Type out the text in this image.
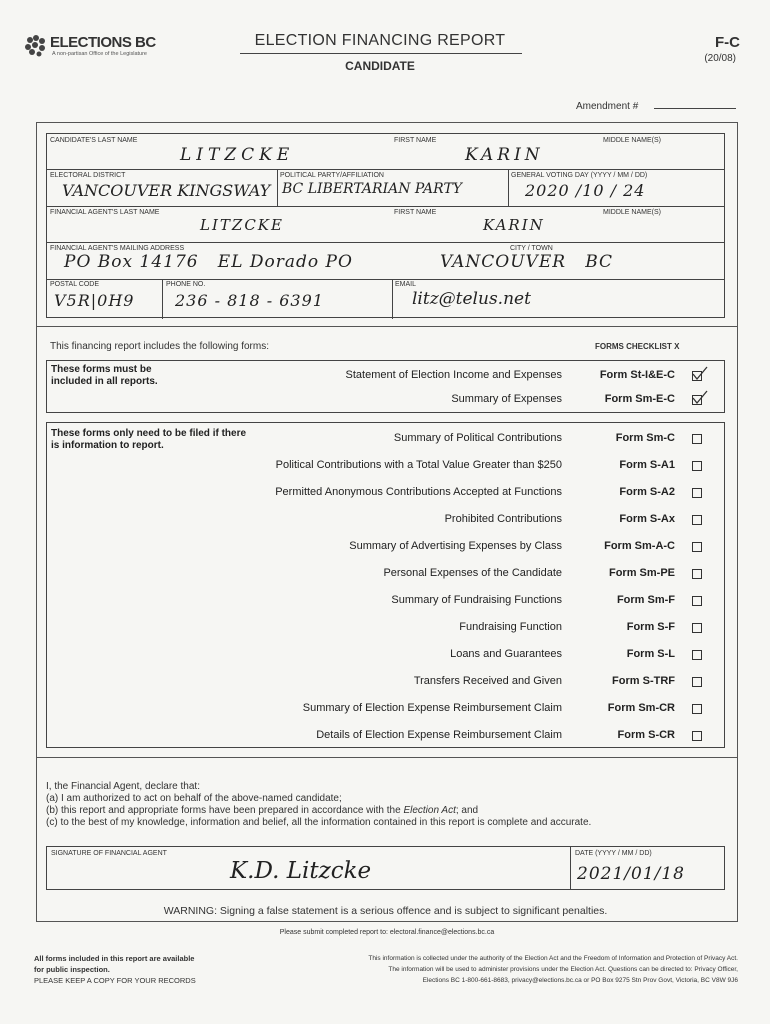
ELECTIONS BC
A non-partisan Office of the Legislature
ELECTION FINANCING REPORT
CANDIDATE
F-C
(20/08)
Amendment #
CANDIDATE'S LAST NAME
LITZCKE
FIRST NAME
KARIN
MIDDLE NAME(S)
ELECTORAL DISTRICT
VANCOUVER KINGSWAY
POLITICAL PARTY/AFFILIATION
BC LIBERTARIAN PARTY
GENERAL VOTING DAY (YYYY / MM / DD)
2020 /10 / 24
FINANCIAL AGENT'S LAST NAME
LITZCKE
FIRST NAME
KARIN
MIDDLE NAME(S)
FINANCIAL AGENT'S MAILING ADDRESS
PO Box 14176   EL Dorado PO
CITY / TOWN
VANCOUVER   BC
POSTAL CODE
V5R|0H9
PHONE NO.
236 - 818 - 6391
EMAIL
litz@telus.net
This financing report includes the following forms:	FORMS CHECKLIST X
These forms must be included in all reports.
Statement of Election Income and Expenses	Form St-I&E-C
Summary of Expenses	Form Sm-E-C
These forms only need to be filed if there is information to report.
Summary of Political Contributions	Form Sm-C
Political Contributions with a Total Value Greater than $250	Form S-A1
Permitted Anonymous Contributions Accepted at Functions	Form S-A2
Prohibited Contributions	Form S-Ax
Summary of Advertising Expenses by Class	Form Sm-A-C
Personal Expenses of the Candidate	Form Sm-PE
Summary of Fundraising Functions	Form Sm-F
Fundraising Function	Form S-F
Loans and Guarantees	Form S-L
Transfers Received and Given	Form S-TRF
Summary of Election Expense Reimbursement Claim	Form Sm-CR
Details of Election Expense Reimbursement Claim	Form S-CR
I, the Financial Agent, declare that:
(a) I am authorized to act on behalf of the above-named candidate;
(b) this report and appropriate forms have been prepared in accordance with the Election Act; and
(c) to the best of my knowledge, information and belief, all the information contained in this report is complete and accurate.
SIGNATURE OF FINANCIAL AGENT
K.D. Litzcke
DATE (YYYY / MM / DD)
2021/01/18
WARNING: Signing a false statement is a serious offence and is subject to significant penalties.
Please submit completed report to: electoral.finance@elections.bc.ca
All forms included in this report are available
for public inspection.
PLEASE KEEP A COPY FOR YOUR RECORDS
This information is collected under the authority of the Election Act and the Freedom of Information and Protection of Privacy Act.
The information will be used to administer provisions under the Election Act. Questions can be directed to: Privacy Officer,
Elections BC 1-800-661-8683, privacy@elections.bc.ca or PO Box 9275 Stn Prov Govt, Victoria, BC V8W 9J6
